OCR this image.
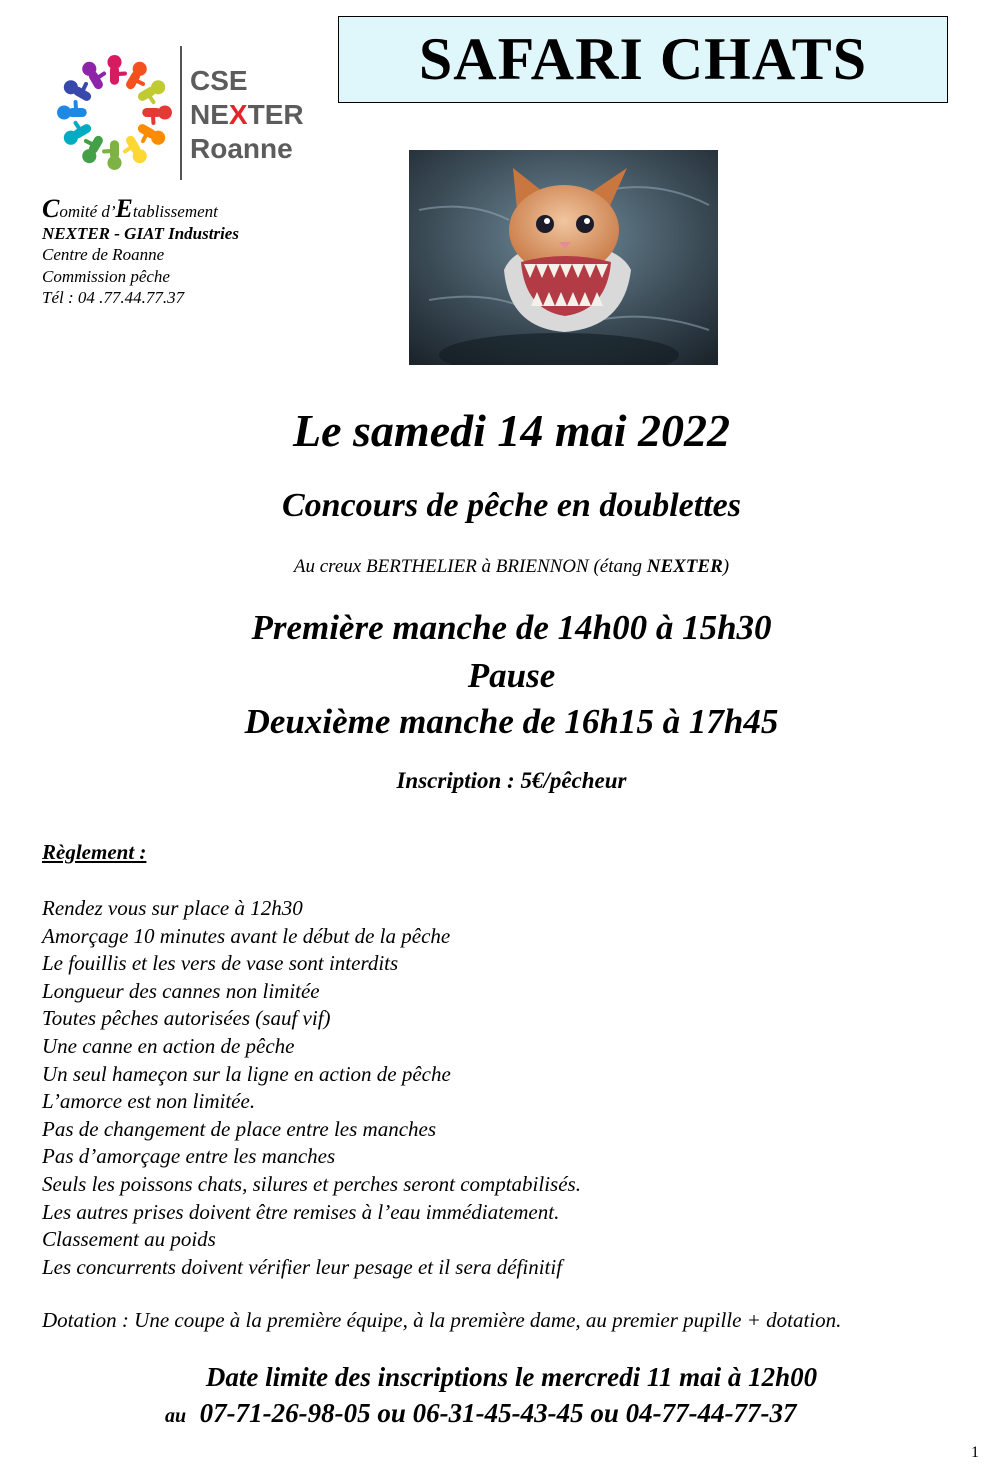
CSE
NEXTER
Roanne
Comité d’Etablissement
NEXTER - GIAT Industries
Centre de Roanne
Commission pêche
Tél : 04 .77.44.77.37
SAFARI CHATS
Le samedi 14 mai 2022
Concours de pêche en doublettes
Au creux BERTHELIER à BRIENNON (étang NEXTER)
Première manche de 14h00 à 15h30
Pause
Deuxième manche de 16h15 à 17h45
Inscription : 5€/pêcheur
Règlement :
Rendez vous sur place à 12h30
Amorçage 10 minutes avant le début de la pêche
Le fouillis et les vers de vase sont interdits
Longueur des cannes non limitée
Toutes pêches autorisées (sauf vif)
Une canne en action de pêche
Un seul hameçon sur la ligne en action de pêche
L’amorce est non limitée.
Pas de changement de place entre les manches
Pas d’amorçage entre les manches
Seuls les poissons chats, silures et perches seront comptabilisés.
Les autres prises doivent être remises à l’eau immédiatement.
Classement au poids
Les concurrents doivent vérifier leur pesage et il sera définitif
Dotation : Une coupe à la première équipe, à la première dame, au premier pupille + dotation.
Date limite des inscriptions le mercredi 11 mai à 12h00
au 07-71-26-98-05 ou 06-31-45-43-45 ou 04-77-44-77-37
1
